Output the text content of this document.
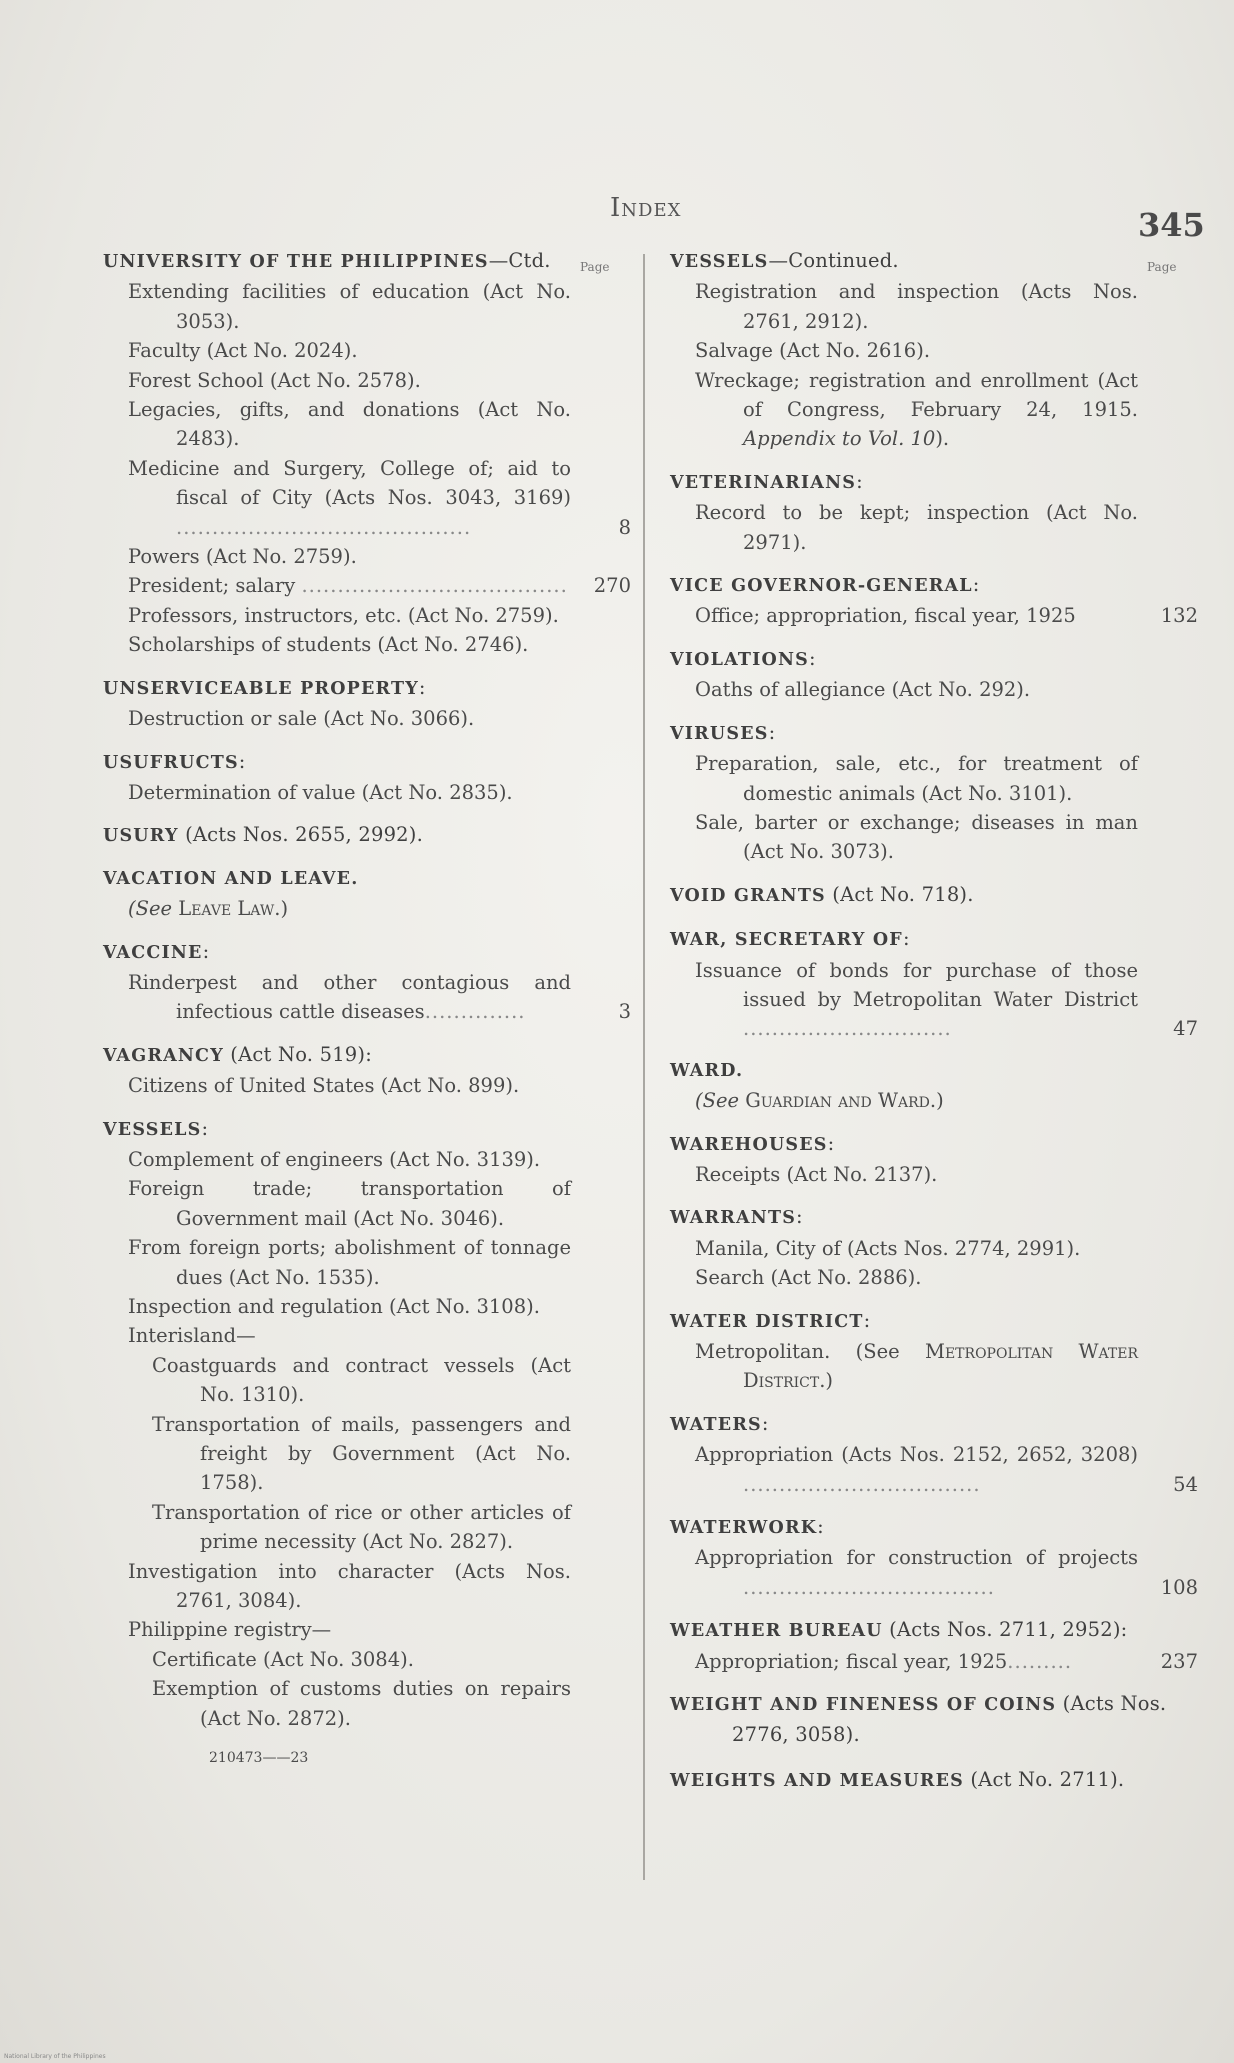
Index	345
Page
UNIVERSITY OF THE PHILIPPINES—Ctd.
Extending facilities of education (Act No. 3053).
Faculty (Act No. 2024).
Forest School (Act No. 2578).
Legacies, gifts, and donations (Act No. 2483).
Medicine and Surgery, College of; aid to fiscal of City (Acts Nos. 3043, 3169) .........................................	8
Powers (Act No. 2759).
President; salary .....................................	270
Professors, instructors, etc. (Act No. 2759).
Scholarships of students (Act No. 2746).
UNSERVICEABLE PROPERTY:
Destruction or sale (Act No. 3066).
USUFRUCTS:
Determination of value (Act No. 2835).
USURY (Acts Nos. 2655, 2992).
VACATION AND LEAVE.
(See Leave Law.)
VACCINE:
Rinderpest and other contagious and infectious cattle diseases..............	3
VAGRANCY (Act No. 519):
Citizens of United States (Act No. 899).
VESSELS:
Complement of engineers (Act No. 3139).
Foreign trade; transportation of Government mail (Act No. 3046).
From foreign ports; abolishment of tonnage dues (Act No. 1535).
Inspection and regulation (Act No. 3108).
Interisland—
Coastguards and contract vessels (Act No. 1310).
Transportation of mails, passengers and freight by Government (Act No. 1758).
Transportation of rice or other articles of prime necessity (Act No. 2827).
Investigation into character (Acts Nos. 2761, 3084).
Philippine registry—
Certificate (Act No. 3084).
Exemption of customs duties on repairs (Act No. 2872).
210473——23
Page
VESSELS—Continued.
Registration and inspection (Acts Nos. 2761, 2912).
Salvage (Act No. 2616).
Wreckage; registration and enrollment (Act of Congress, February 24, 1915. Appendix to Vol. 10).
VETERINARIANS:
Record to be kept; inspection (Act No. 2971).
VICE GOVERNOR-GENERAL:
Office; appropriation, fiscal year, 1925	132
VIOLATIONS:
Oaths of allegiance (Act No. 292).
VIRUSES:
Preparation, sale, etc., for treatment of domestic animals (Act No. 3101).
Sale, barter or exchange; diseases in man (Act No. 3073).
VOID GRANTS (Act No. 718).
WAR, SECRETARY OF:
Issuance of bonds for purchase of those issued by Metropolitan Water District .............................	47
WARD.
(See Guardian and Ward.)
WAREHOUSES:
Receipts (Act No. 2137).
WARRANTS:
Manila, City of (Acts Nos. 2774, 2991).
Search (Act No. 2886).
WATER DISTRICT:
Metropolitan. (See Metropolitan Water District.)
WATERS:
Appropriation (Acts Nos. 2152, 2652, 3208) .................................	54
WATERWORK:
Appropriation for construction of projects ...................................	108
WEATHER BUREAU (Acts Nos. 2711, 2952):
Appropriation; fiscal year, 1925.........	237
WEIGHT AND FINENESS OF COINS (Acts Nos. 2776, 3058).
WEIGHTS AND MEASURES (Act No. 2711).
National Library of the Philippines
